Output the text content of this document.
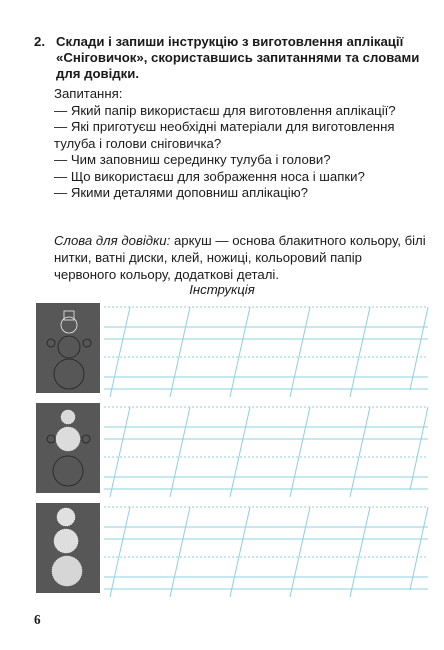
2. Склади і запиши інструкцію з виготовлення аплікації «Сніговичок», скориставшись запитаннями та словами для довідки.

Запитання:

— Який папір використаєш для виготовлення аплікації?

— Які приготуєш необхідні матеріали для виготовлення тулуба і голови сніговичка?

— Чим заповниш серединку тулуба і голови?

— Що використаєш для зображення носа і шапки?

— Якими деталями доповниш аплікацію?

Слова для довідки: аркуш — основа блакитного кольору, білі нитки, ватні диски, клей, ножиці, кольоровий папір червоного кольору, додаткові деталі.
Інструкція
6
